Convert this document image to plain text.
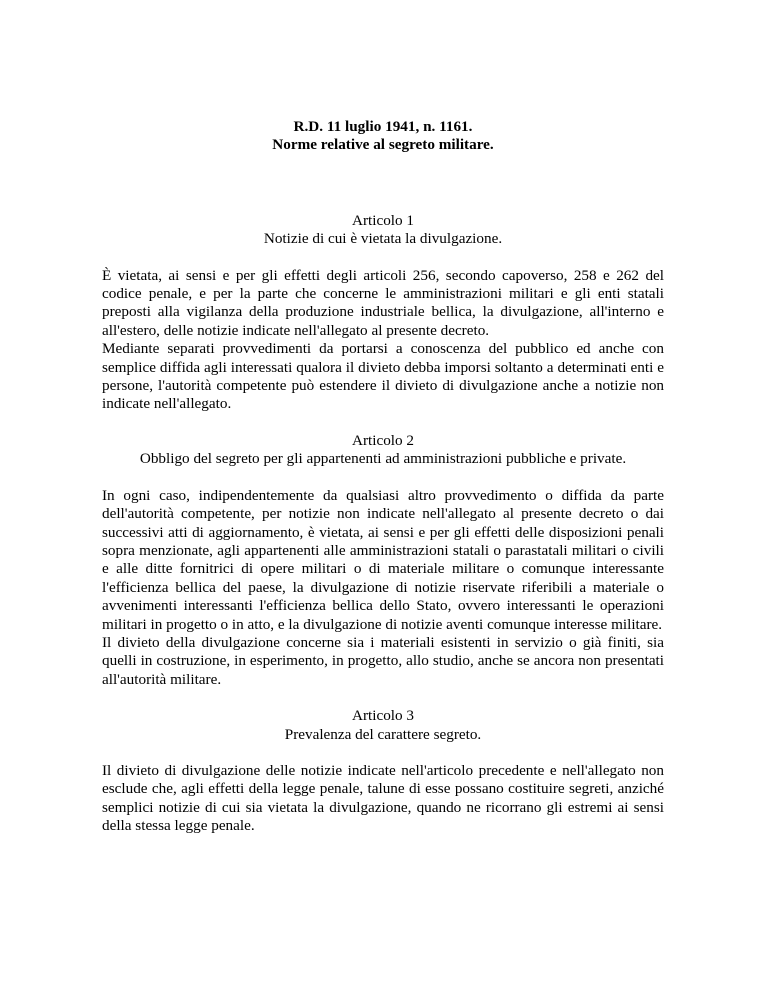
R.D. 11 luglio 1941, n. 1161.
Norme relative al segreto militare.
Articolo 1
Notizie di cui è vietata la divulgazione.

È vietata, ai sensi e per gli effetti degli articoli 256, secondo capoverso, 258 e 262 del codice penale, e per la parte che concerne le amministrazioni militari e gli enti statali preposti alla vigilanza della produzione industriale bellica, la divulgazione, all'interno e all'estero, delle notizie indicate nell'allegato al presente decreto.

Mediante separati provvedimenti da portarsi a conoscenza del pubblico ed anche con semplice diffida agli interessati qualora il divieto debba imporsi soltanto a determinati enti e persone, l'autorità competente può estendere il divieto di divulgazione anche a notizie non indicate nell'allegato.

Articolo 2
Obbligo del segreto per gli appartenenti ad amministrazioni pubbliche e private.

In ogni caso, indipendentemente da qualsiasi altro provvedimento o diffida da parte dell'autorità competente, per notizie non indicate nell'allegato al presente decreto o dai successivi atti di aggiornamento, è vietata, ai sensi e per gli effetti delle disposizioni penali sopra menzionate, agli appartenenti alle amministrazioni statali o parastatali militari o civili e alle ditte fornitrici di opere militari o di materiale militare o comunque interessante l'efficienza bellica del paese, la divulgazione di notizie riservate riferibili a materiale o avvenimenti interessanti l'efficienza bellica dello Stato, ovvero interessanti le operazioni militari in progetto o in atto, e la divulgazione di notizie aventi comunque interesse militare.

Il divieto della divulgazione concerne sia i materiali esistenti in servizio o già finiti, sia quelli in costruzione, in esperimento, in progetto, allo studio, anche se ancora non presentati all'autorità militare.

Articolo 3
Prevalenza del carattere segreto.

Il divieto di divulgazione delle notizie indicate nell'articolo precedente e nell'allegato non esclude che, agli effetti della legge penale, talune di esse possano costituire segreti, anziché semplici notizie di cui sia vietata la divulgazione, quando ne ricorrano gli estremi ai sensi della stessa legge penale.
